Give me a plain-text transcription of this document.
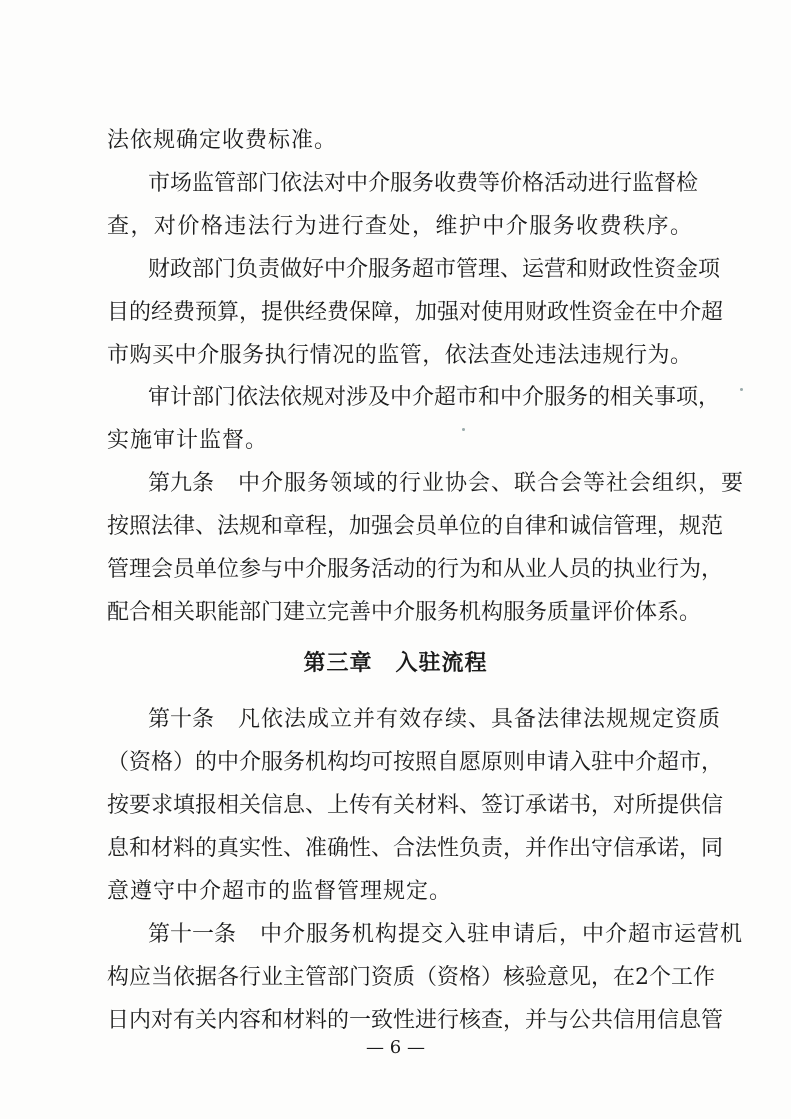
法依规确定收费标准。
市场监管部门依法对中介服务收费等价格活动进行监督检
查，对价格违法行为进行查处，维护中介服务收费秩序。
财政部门负责做好中介服务超市管理、运营和财政性资金项
目的经费预算，提供经费保障，加强对使用财政性资金在中介超
市购买中介服务执行情况的监管，依法查处违法违规行为。
审计部门依法依规对涉及中介超市和中介服务的相关事项，
实施审计监督。
第九条 中介服务领域的行业协会、联合会等社会组织，要
按照法律、法规和章程，加强会员单位的自律和诚信管理，规范
管理会员单位参与中介服务活动的行为和从业人员的执业行为，
配合相关职能部门建立完善中介服务机构服务质量评价体系。
第三章　入驻流程
第十条 凡依法成立并有效存续、具备法律法规规定资质
（资格）的中介服务机构均可按照自愿原则申请入驻中介超市，
按要求填报相关信息、上传有关材料、签订承诺书，对所提供信
息和材料的真实性、准确性、合法性负责，并作出守信承诺，同
意遵守中介超市的监督管理规定。
第十一条 中介服务机构提交入驻申请后，中介超市运营机
构应当依据各行业主管部门资质（资格）核验意见，在2个工作
日内对有关内容和材料的一致性进行核查，并与公共信用信息管
— 6 —
